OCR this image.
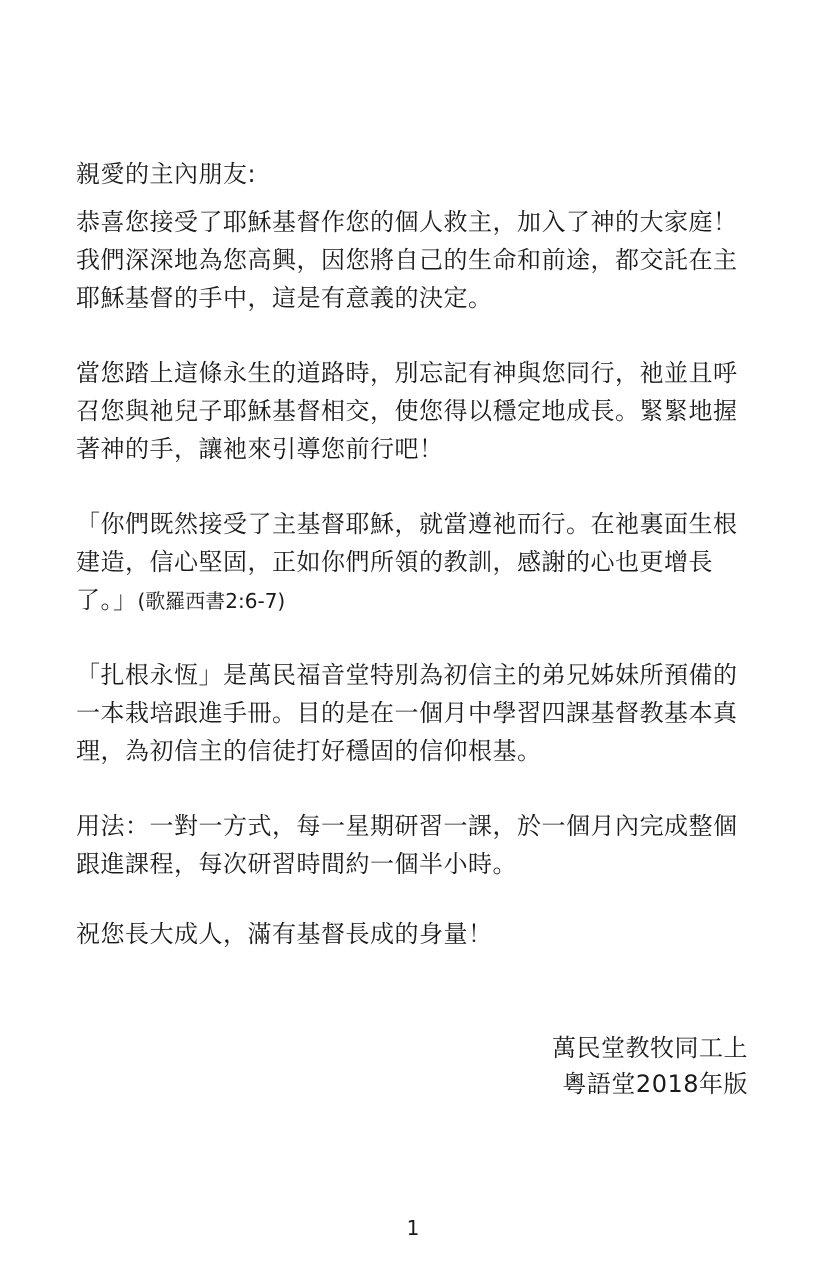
親愛的主內朋友:
恭喜您接受了耶穌基督作您的個人救主，加入了神的大家庭！
我們深深地為您高興，因您將自己的生命和前途，都交託在主
耶穌基督的手中，這是有意義的決定。
當您踏上這條永生的道路時，別忘記有神與您同行，祂並且呼
召您與祂兒子耶穌基督相交，使您得以穩定地成長。緊緊地握
著神的手，讓祂來引導您前行吧！
「你們既然接受了主基督耶穌，就當遵祂而行。在祂裏面生根
建造，信心堅固，正如你們所領的教訓，感謝的心也更增長
了。」(歌羅西書2:6-7)
「扎根永恆」是萬民福音堂特別為初信主的弟兄姊妹所預備的
一本栽培跟進手冊。目的是在一個月中學習四課基督教基本真
理，為初信主的信徒打好穩固的信仰根基。
用法：一對一方式，每一星期研習一課，於一個月內完成整個
跟進課程，每次研習時間約一個半小時。
祝您長大成人，滿有基督長成的身量！
萬民堂教牧同工上
粵語堂2018年版
1
